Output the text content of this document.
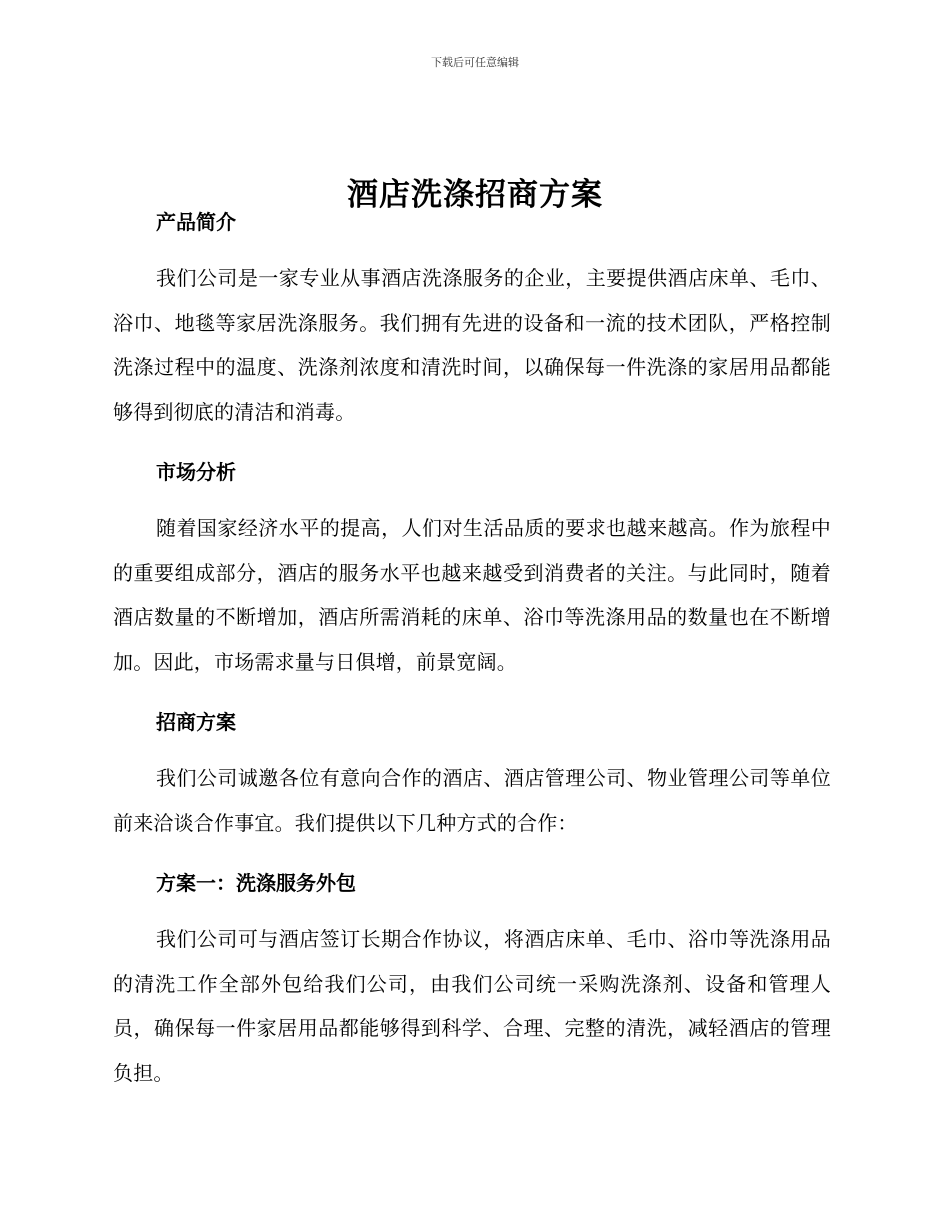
下载后可任意编辑
酒店洗涤招商方案
产品简介

我们公司是一家专业从事酒店洗涤服务的企业，主要提供酒店床单、毛巾、浴巾、地毯等家居洗涤服务。我们拥有先进的设备和一流的技术团队，严格控制洗涤过程中的温度、洗涤剂浓度和清洗时间，以确保每一件洗涤的家居用品都能够得到彻底的清洁和消毒。

市场分析

随着国家经济水平的提高，人们对生活品质的要求也越来越高。作为旅程中的重要组成部分，酒店的服务水平也越来越受到消费者的关注。与此同时，随着酒店数量的不断增加，酒店所需消耗的床单、浴巾等洗涤用品的数量也在不断增加。因此，市场需求量与日俱增，前景宽阔。

招商方案

我们公司诚邀各位有意向合作的酒店、酒店管理公司、物业管理公司等单位前来洽谈合作事宜。我们提供以下几种方式的合作：

方案一：洗涤服务外包

我们公司可与酒店签订长期合作协议，将酒店床单、毛巾、浴巾等洗涤用品的清洗工作全部外包给我们公司，由我们公司统一采购洗涤剂、设备和管理人员，确保每一件家居用品都能够得到科学、合理、完整的清洗，减轻酒店的管理负担。
